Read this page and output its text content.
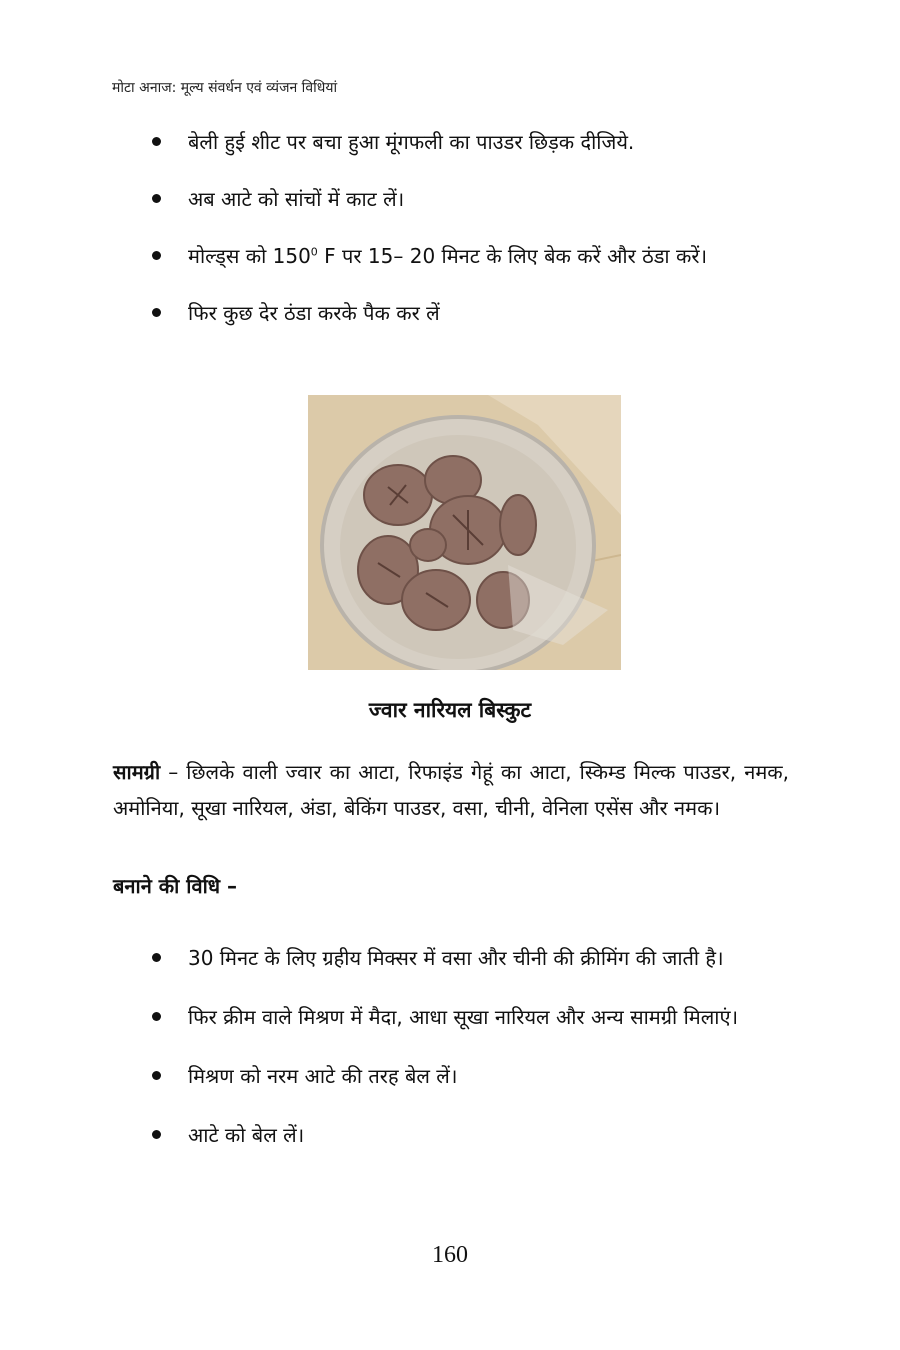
मोटा अनाज: मूल्य संवर्धन एवं व्यंजन विधियां
बेली हुई शीट पर बचा हुआ मूंगफली का पाउडर छिड़क दीजिये.
अब आटे को सांचों में काट लें।
मोल्ड्स को $150^0$ F पर 15– 20 मिनट के लिए बेक करें और ठंडा करें।
फिर कुछ देर ठंडा करके पैक कर लें
ज्वार नारियल बिस्कुट
सामग्री – छिलके वाली ज्वार का आटा, रिफाइंड गेहूं का आटा, स्किम्ड मिल्क पाउडर, नमक, अमोनिया, सूखा नारियल, अंडा, बेकिंग पाउडर, वसा, चीनी, वेनिला एसेंस और नमक।
बनाने की विधि –
30 मिनट के लिए ग्रहीय मिक्सर में वसा और चीनी की क्रीमिंग की जाती है।
फिर क्रीम वाले मिश्रण में मैदा, आधा सूखा नारियल और अन्य सामग्री मिलाएं।
मिश्रण को नरम आटे की तरह बेल लें।
आटे को बेल लें।
160
